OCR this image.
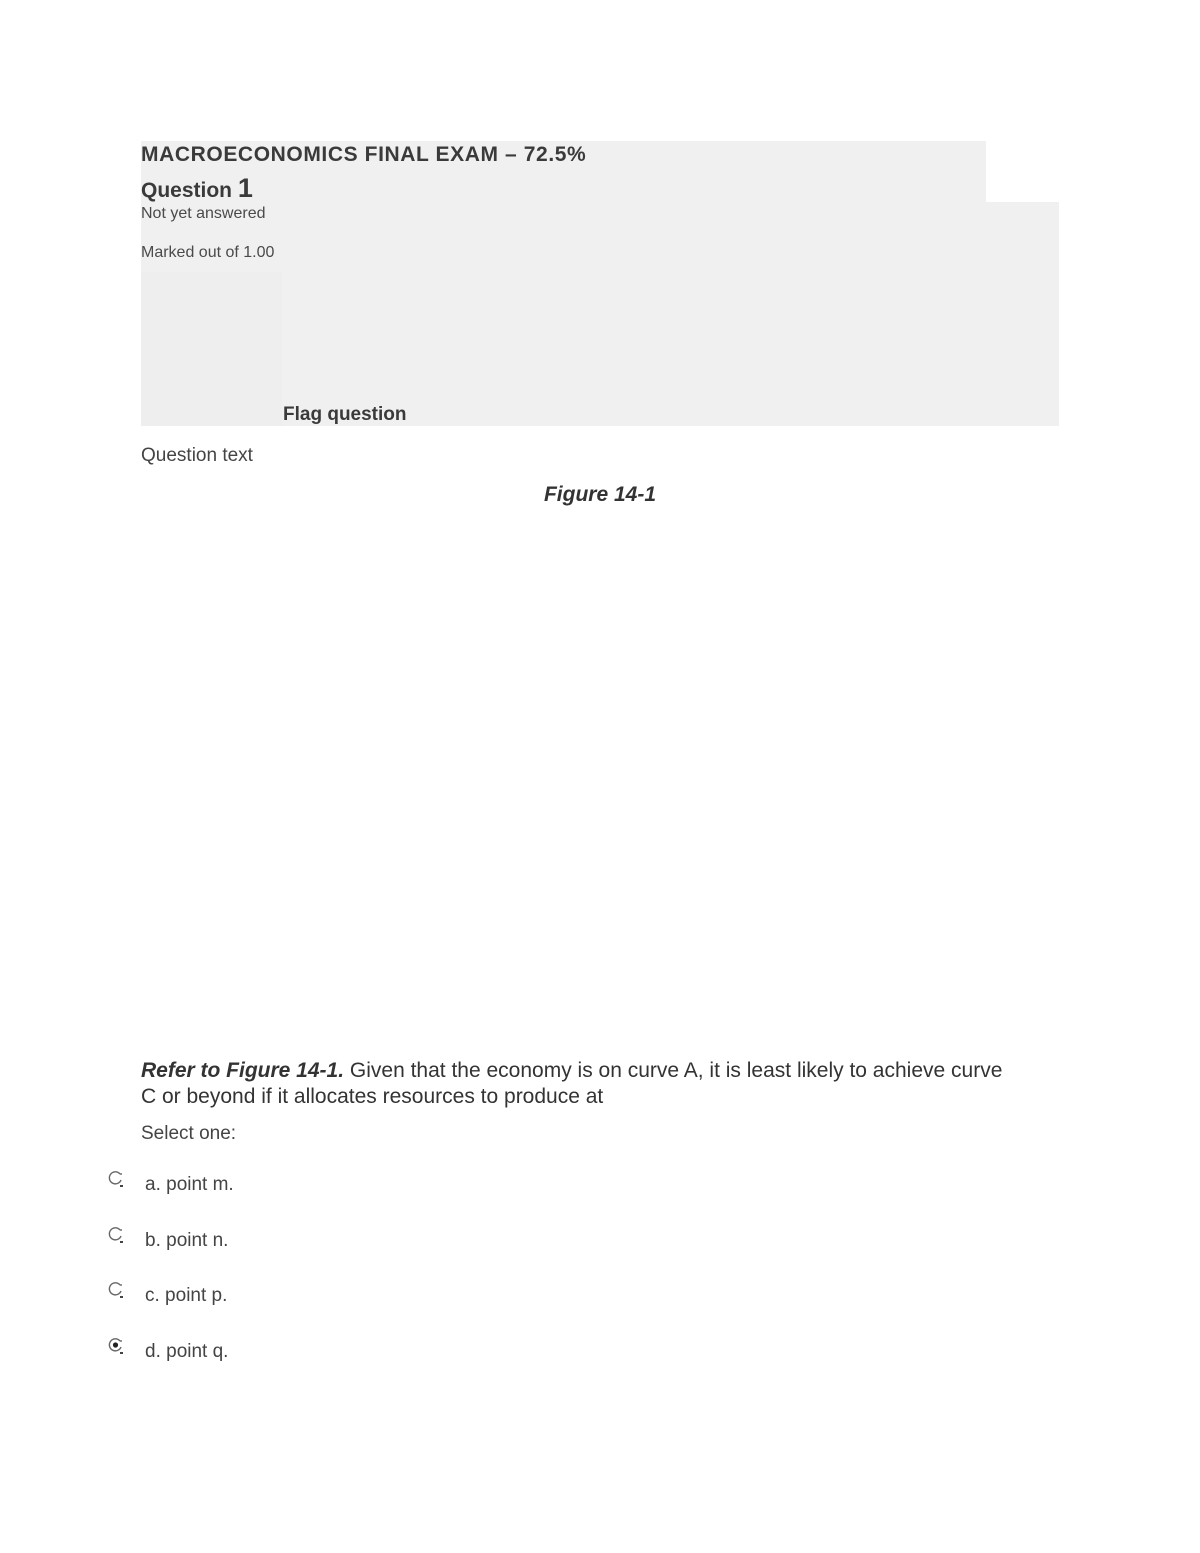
MACROECONOMICS FINAL EXAM – 72.5%
Question 1
Not yet answered
Marked out of 1.00
Flag question
Question text
Figure 14-1
Refer to Figure 14-1. Given that the economy is on curve A, it is least likely to achieve curve C or beyond if it allocates resources to produce at
Select one:
a. point m.
b. point n.
c. point p.
d. point q.
